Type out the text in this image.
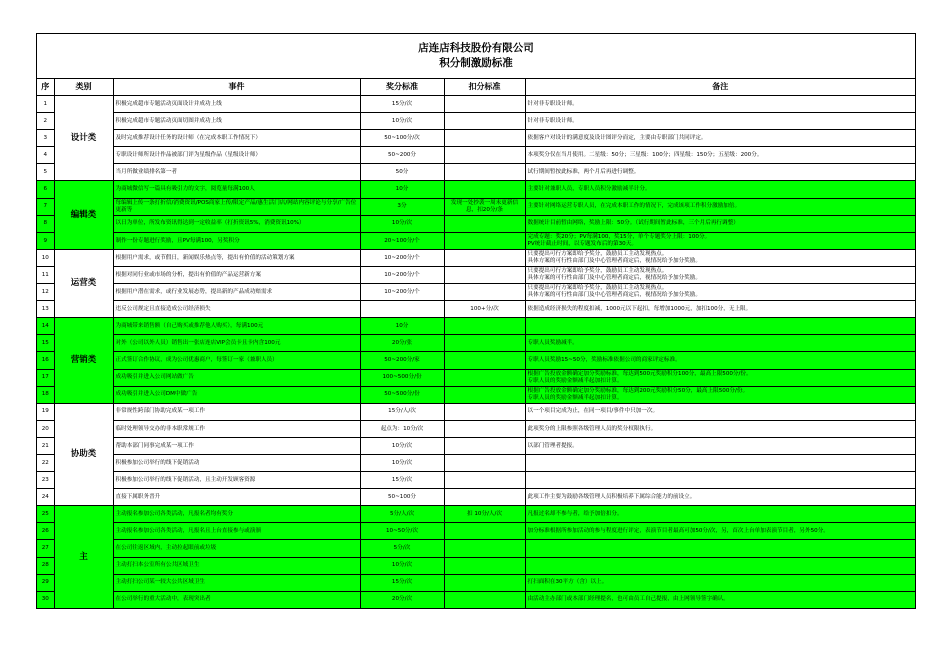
店连店科技股份有限公司
积分制激励标准
序	类别	事件	奖分标准	扣分标准	备注
1	设计类	积极完成超市专题活动页面设计并成功上线	15分/次		针对非专职设计师。
2		积极完成超市专题活动页面切图并成功上线	10分/次		针对非专职设计师。
3		及时完成推荐设计任务的设计师（在完成本职工作情况下）	50~100分/次		依据客户对设计的满意度及设计图评分而定，主要由专职部门共同评定。
4		专职设计师所设计作品被部门评为星级作品（星级设计师）	50~200分		本项奖分仅在当月使用。二星级：50分；三星级：100分；四星级：150分；五星级：200分。
5		当月所做业绩排名第一者	50分		试行期间暂按此标准，两个月后再进行调整。
6	编辑类	为商城微信写一篇具有吸引力的文字，阅览量每满100人	10分		主要针对兼职人员，专职人员积分激励减半计分。
7		每编辑上传一条打折信/消费资讯/POS商家上传/限定产品/惠生活门店/网站内容评论与分享/广告位更新等	3分	发现一处抄袭一周未更新信息，扣20分/条	主要针对网络运营专职人员，在完成本职工作的情况下，完成该项工作积分激励加倍。
8		以日为单位，所发布资讯得达到一定收益率（打折资讯5%，消费资讯10%）	10分/次		数据统计目前暂由网络，奖励上限：50分。（试行期间暂此标准，三个月后再行调整）
9		制作一份专题进行奖励，且PV每满100，另奖积分	20~100分/个		完成专题：奖20分；PV每满100，奖15分，单个专题奖分上限：100分。
PV统计截止时间，以专题发布后的第30天。
10	运营类	根据用户需求，或节假日，新闻娱乐热点等，提出有价值的活动策划方案	10~200分/个		只要提出可行方案即给予奖分，鼓励员工主动发现热点。
具体方案的可行性由部门及中心管理者商定后，视情况给予加分奖励。
11		根据对同行业或市场的分析，提出有价值的产品运营新方案	10~200分/个		只要提出可行方案即给予奖分，鼓励员工主动发现热点。
具体方案的可行性由部门及中心管理者商定后，视情况给予加分奖励。
12		根据用户潜在需求，或行业发展态势，提出新的产品成功赔需求	10~200分/个		只要提出可行方案即给予奖分，鼓励员工主动发现热点。
具体方案的可行性由部门及中心管理者商定后，视情况给予加分奖励。
13		违反公司规定且直接造成公司经济损失		100+分/次	依据造成经济损失的程度扣减，1000元以下起扣，每增加1000元，加扣100分，无上限。
14	营销类	为商城带来销售额（自己购买或推荐他人购买），每满100元	10分		
15		对外（公司以外人员）销售出一张店连店VIP会员卡且卡内含100元	20分/张		专职人员奖励减半。
16		正式签订合作协议，成为公司优惠商户，每签订一家（兼职人员）	50~200分/家		专职人员奖励15~50分，奖励标准依据公司的商家评定标准。
17		成功吸引并进入公司网站做广告	100~500分/份		根据广告投放金额确定加分奖励标准，每达到500元奖励积分100分，最高上限500分/份。
专职人员的奖励金额减半起加扣计算。
18		成功吸引并进入公司DM中做广告	50~500分/份		根据广告投放金额确定加分奖励标准，每达到200元奖励积分50分，最高上限500分/份。
专职人员的奖励金额减半起加扣计算。
19	协助类	非常规性跨部门协助完成某一项工作	15分/人/次		以一个项目完成为止，在同一项目/事件中只加一次。
20		临时处理领导交办的非本职常规工作	起点为：10分/次		此项奖分的上限参照各级管理人员的奖分权限执行。
21		帮助本部门同事完成某一项工作	10分/次		以部门管理者提报。
22		积极参加公司举行的线下促销活动	10分/次		
23		积极参加公司举行的线下促销活动，且主动开发顾客资源	15分/次		
24		直接下属职务晋升	50~100分		此项工作主要为鼓励各级管理人员积极培养下属综合能力的前设立。
25	主	主动报名参加公司各类活动，凡报名者均有奖分	5分/人/次	扣 10分/人/次	凡报过名却不参与者，给予加倍扣分。
26		主动报名参加公司各类活动，凡报名且上台直接参与或演颁	10~50分/次		加分标准根据所参加活动的参与程度进行评定，表演节目者最高可加50分/次，另，首次上台单加表演节目者，另外50分。
27		在公司往返区域内，主动拉起眼前或垃圾	5分/次		
28		主动打扫本公室所有公共区域卫生	10分/次		
29		主动打扫公司某一较大公共区域卫生	15分/次		打扫面积在30平方（含）以上。
30		在公司举行的重大活动中，表现突出者	20分/次		由活动主办部门或本部门经理提名，也可由员工自己提报，由上网领导签字确认。
